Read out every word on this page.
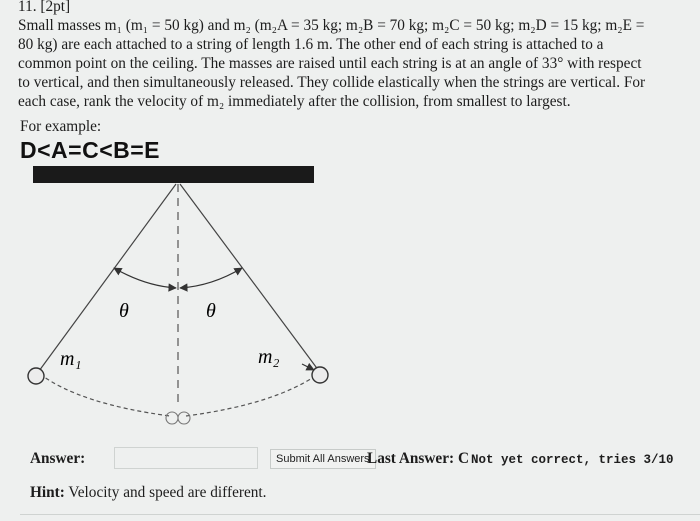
11. [2pt]

Small masses m₁ (m₁ = 50 kg) and m₂ (m₂A = 35 kg; m₂B = 70 kg; m₂C = 50 kg; m₂D = 15 kg; m₂E =

80 kg) are each attached to a string of length 1.6 m. The other end of each string is attached to a

common point on the ceiling. The masses are raised until each string is at an angle of 33° with respect

to vertical, and then simultaneously released. They collide elastically when the strings are vertical. For

each case, rank the velocity of m₂ immediately after the collision, from smallest to largest.

For example:
D<A=C<B=E
θ	θ
m₁	m₂
Answer:	Submit All Answers
Last Answer: C Not yet correct, tries 3/10
Hint: Velocity and speed are different.
